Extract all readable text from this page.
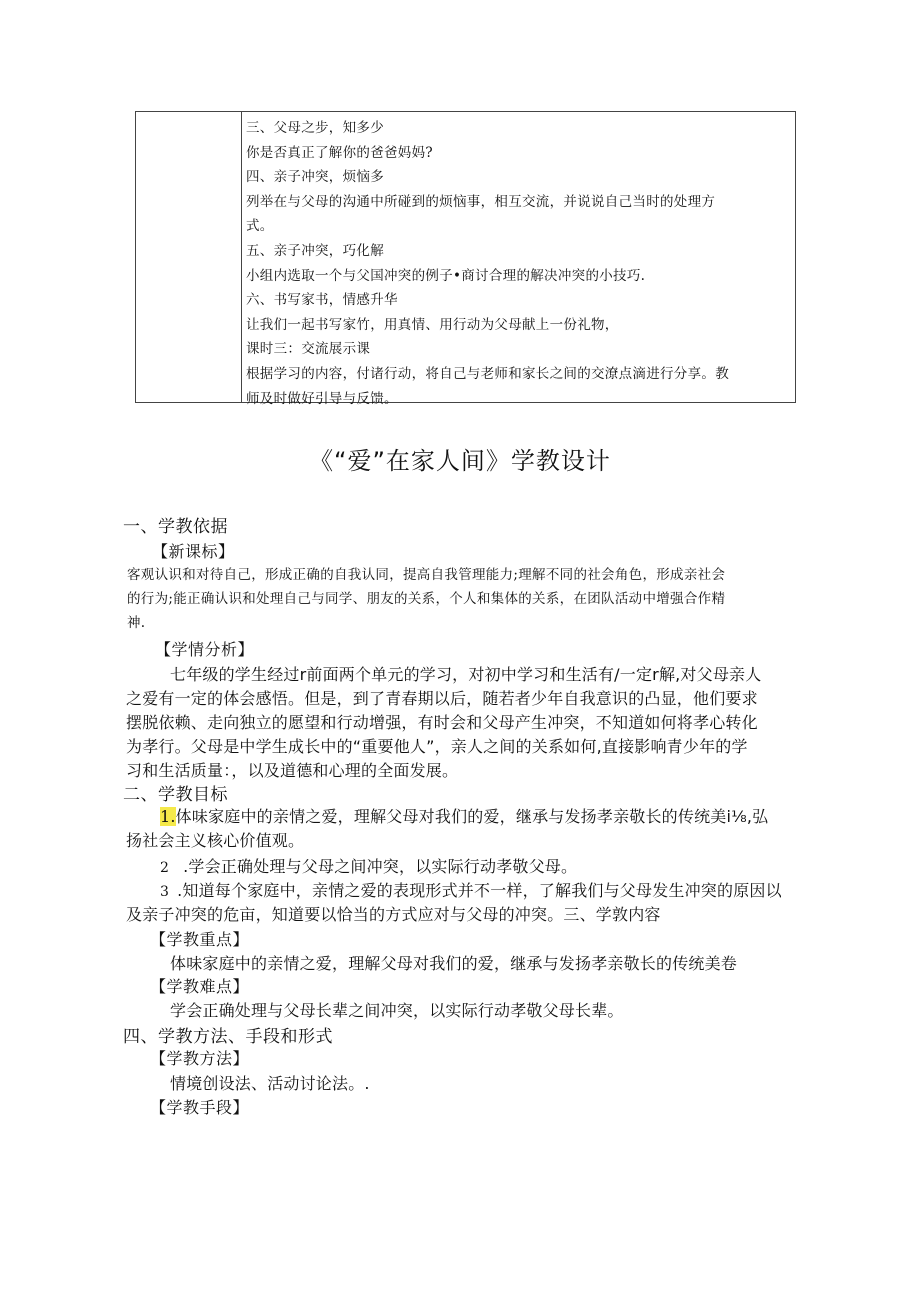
三、父母之步，知多少
你是否真正了解你的爸爸妈妈?
四、亲子冲突，烦恼多
列举在与父母的沟通中所碰到的烦恼事，相互交流，并说说自己当时的处理方
式。
五、亲子冲突，巧化解
小组内选取一个与父国冲突的例子•商讨合理的解决冲突的小技巧.
六、书写家书，情感升华
让我们一起书写家竹，用真情、用行动为父母献上一份礼物，
课时三：交流展示课
根据学习的内容，付诸行动，将自己与老师和家长之间的交潦点滴进行分享。教
师及时做好引导与反馈。
《“爱”在家人间》学教设计
一、学教依据
【新课标】
客观认识和对待自己，形成正确的自我认同，提高自我管理能力;理解不同的社会角色，形成亲社会
的行为;能正确认识和处理自己与同学、朋友的关系，个人和集体的关系，在团队活动中增强合作精
神.
【学情分析】
七年级的学生经过r前面两个单元的学习，对初中学习和生活有/一定r解,对父母亲人
之爱有一定的体会感悟。但是，到了青春期以后，随若者少年自我意识的凸显，他们要求
摆脱依赖、走向独立的愿望和行动增强，有时会和父母产生冲突，不知道如何将孝心转化
为孝行。父母是中学生成长中的“重要他人”，亲人之间的关系如何,直接影响青少年的学
习和生活质量：，以及道德和心理的全面发展。
二、学教目标
1.体味家庭中的亲情之爱，理解父母对我们的爱，继承与发扬孝亲敬长的传统美i⅛,弘
扬社会主义核心价值观。
2 .学会正确处理与父母之间冲突，以实际行动孝敬父母。
3 .知道每个家庭中，亲情之爱的表现形式并不一样，了解我们与父母发生冲突的原因以
及亲子冲突的危亩，知道要以恰当的方式应对与父母的冲突。三、学敦内容
【学教重点】
体味家庭中的亲情之爱，理解父母对我们的爱，继承与发扬孝亲敬长的传统美卷
【学教难点】
学会正确处理与父母长辈之间冲突，以实际行动孝敬父母长辈。
四、学教方法、手段和形式
【学教方法】
情境创设法、活动讨论法。.
【学教手段】
